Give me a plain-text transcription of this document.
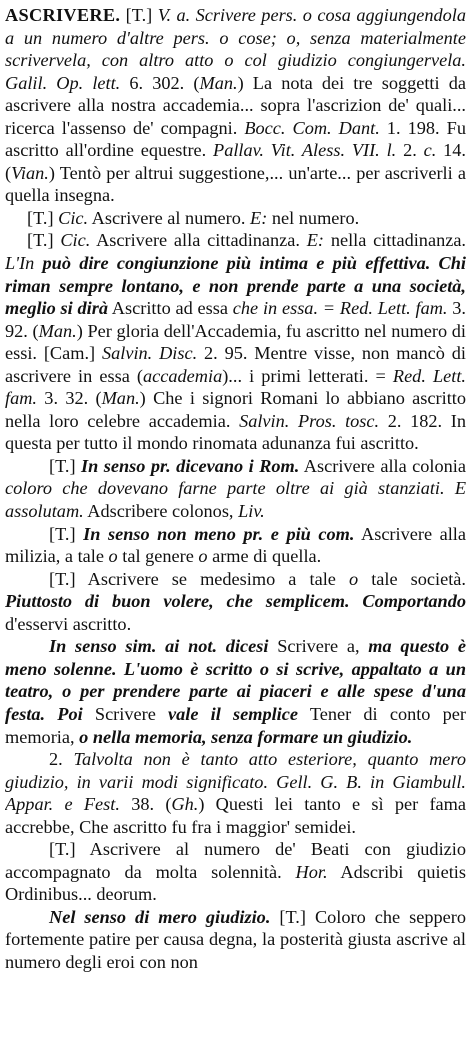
ASCRIVERE. [T.] V. a. Scrivere pers. o cosa aggiungendola a un numero d'altre pers. o cose; o, senza materialmente scrivervela, con altro atto o col giudizio congiungervela. Galil. Op. lett. 6. 302. (Man.) La nota dei tre soggetti da ascrivere alla nostra accademia... sopra l'ascrizion de' quali... ricerca l'assenso de' compagni. Bocc. Com. Dant. 1. 198. Fu ascritto all'ordine equestre. Pallav. Vit. Aless. VII. l. 2. c. 14. (Vian.) Tentò per altrui suggestione,... un'arte... per ascriverli a quella insegna.

[T.] Cic. Ascrivere al numero. E: nel numero.

[T.] Cic. Ascrivere alla cittadinanza. E: nella cittadinanza. L'In può dire congiunzione più intima e più effettiva. Chi riman sempre lontano, e non prende parte a una società, meglio si dirà Ascritto ad essa che in essa. = Red. Lett. fam. 3. 92. (Man.) Per gloria dell'Accademia, fu ascritto nel numero di essi. [Cam.] Salvin. Disc. 2. 95. Mentre visse, non mancò di ascrivere in essa (accademia)... i primi letterati. = Red. Lett. fam. 3. 32. (Man.) Che i signori Romani lo abbiano ascritto nella loro celebre accademia. Salvin. Pros. tosc. 2. 182. In questa per tutto il mondo rinomata adunanza fui ascritto.

[T.] In senso pr. dicevano i Rom. Ascrivere alla colonia coloro che dovevano farne parte oltre ai già stanziati. E assolutam. Adscribere colonos, Liv.

[T.] In senso non meno pr. e più com. Ascrivere alla milizia, a tale o tal genere o arme di quella.

[T.] Ascrivere se medesimo a tale o tale società. Piuttosto di buon volere, che semplicem. Comportando d'esservi ascritto.

In senso sim. ai not. dicesi Scrivere a, ma questo è meno solenne. L'uomo è scritto o si scrive, appaltato a un teatro, o per prendere parte ai piaceri e alle spese d'una festa. Poi Scrivere vale il semplice Tener di conto per memoria, o nella memoria, senza formare un giudizio.

2. Talvolta non è tanto atto esteriore, quanto mero giudizio, in varii modi significato. Gell. G. B. in Giambull. Appar. e Fest. 38. (Gh.) Questi lei tanto e sì per fama accrebbe, Che ascritto fu fra i maggior' semidei.

[T.] Ascrivere al numero de' Beati con giudizio accompagnato da molta solennità. Hor. Adscribi quietis Ordinibus... deorum.

Nel senso di mero giudizio. [T.] Coloro che seppero fortemente patire per causa degna, la posterità giusta ascrive al numero degli eroi con non
